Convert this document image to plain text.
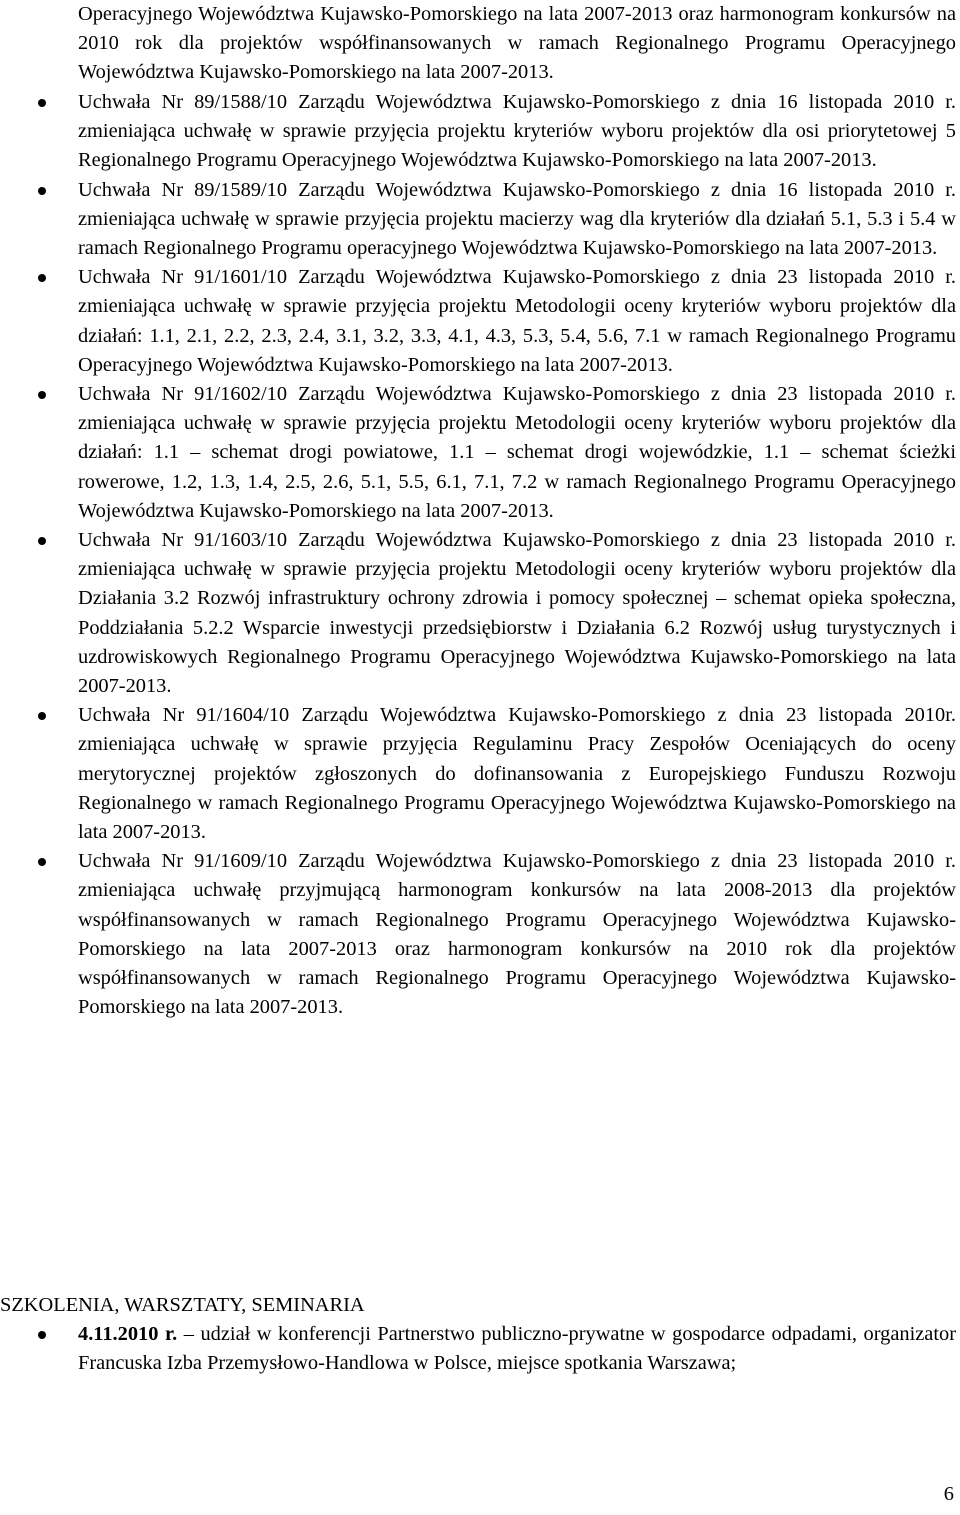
Operacyjnego Województwa Kujawsko-Pomorskiego na lata 2007-2013 oraz harmonogram konkursów na 2010 rok dla projektów współfinansowanych w ramach Regionalnego Programu Operacyjnego Województwa Kujawsko-Pomorskiego na lata 2007-2013.

Uchwała Nr 89/1588/10 Zarządu Województwa Kujawsko-Pomorskiego z dnia 16 listopada 2010 r. zmieniająca uchwałę w sprawie przyjęcia projektu kryteriów wyboru projektów dla osi priorytetowej 5 Regionalnego Programu Operacyjnego Województwa Kujawsko-Pomorskiego na lata 2007-2013.

Uchwała Nr 89/1589/10 Zarządu Województwa Kujawsko-Pomorskiego z dnia 16 listopada 2010 r. zmieniająca uchwałę w sprawie przyjęcia projektu macierzy wag dla kryteriów dla działań 5.1, 5.3 i 5.4 w ramach Regionalnego Programu operacyjnego Województwa Kujawsko-Pomorskiego na lata 2007-2013.

Uchwała Nr 91/1601/10 Zarządu Województwa Kujawsko-Pomorskiego z dnia 23 listopada 2010 r. zmieniająca uchwałę w sprawie przyjęcia projektu Metodologii oceny kryteriów wyboru projektów dla działań: 1.1, 2.1, 2.2, 2.3, 2.4, 3.1, 3.2, 3.3, 4.1, 4.3, 5.3, 5.4, 5.6, 7.1 w ramach Regionalnego Programu Operacyjnego Województwa Kujawsko-Pomorskiego na lata 2007-2013.

Uchwała Nr 91/1602/10 Zarządu Województwa Kujawsko-Pomorskiego z dnia 23 listopada 2010 r. zmieniająca uchwałę w sprawie przyjęcia projektu Metodologii oceny kryteriów wyboru projektów dla działań: 1.1 – schemat drogi powiatowe, 1.1 – schemat drogi wojewódzkie, 1.1 – schemat ścieżki rowerowe, 1.2, 1.3, 1.4, 2.5, 2.6, 5.1, 5.5, 6.1, 7.1, 7.2 w ramach Regionalnego Programu Operacyjnego Województwa Kujawsko-Pomorskiego na lata 2007-2013.

Uchwała Nr 91/1603/10 Zarządu Województwa Kujawsko-Pomorskiego z dnia 23 listopada 2010 r. zmieniająca uchwałę w sprawie przyjęcia projektu Metodologii oceny kryteriów wyboru projektów dla Działania 3.2 Rozwój infrastruktury ochrony zdrowia i pomocy społecznej – schemat opieka społeczna, Poddziałania 5.2.2 Wsparcie inwestycji przedsiębiorstw i Działania 6.2 Rozwój usług turystycznych i uzdrowiskowych Regionalnego Programu Operacyjnego Województwa Kujawsko-Pomorskiego na lata 2007-2013.

Uchwała Nr 91/1604/10 Zarządu Województwa Kujawsko-Pomorskiego z dnia 23 listopada 2010r. zmieniająca uchwałę w sprawie przyjęcia Regulaminu Pracy Zespołów Oceniających do oceny merytorycznej projektów zgłoszonych do dofinansowania z Europejskiego Funduszu Rozwoju Regionalnego w ramach Regionalnego Programu Operacyjnego Województwa Kujawsko-Pomorskiego na lata 2007-2013.

Uchwała Nr 91/1609/10 Zarządu Województwa Kujawsko-Pomorskiego z dnia 23 listopada 2010 r. zmieniająca uchwałę przyjmującą harmonogram konkursów na lata 2008-2013 dla projektów współfinansowanych w ramach Regionalnego Programu Operacyjnego Województwa Kujawsko-Pomorskiego na lata 2007-2013 oraz harmonogram konkursów na 2010 rok dla projektów współfinansowanych w ramach Regionalnego Programu Operacyjnego Województwa Kujawsko-Pomorskiego na lata 2007-2013.

SZKOLENIA, WARSZTATY, SEMINARIA

4.11.2010 r. – udział w konferencji Partnerstwo publiczno-prywatne w gospodarce odpadami, organizator Francuska Izba Przemysłowo-Handlowa w Polsce, miejsce spotkania Warszawa;

6
